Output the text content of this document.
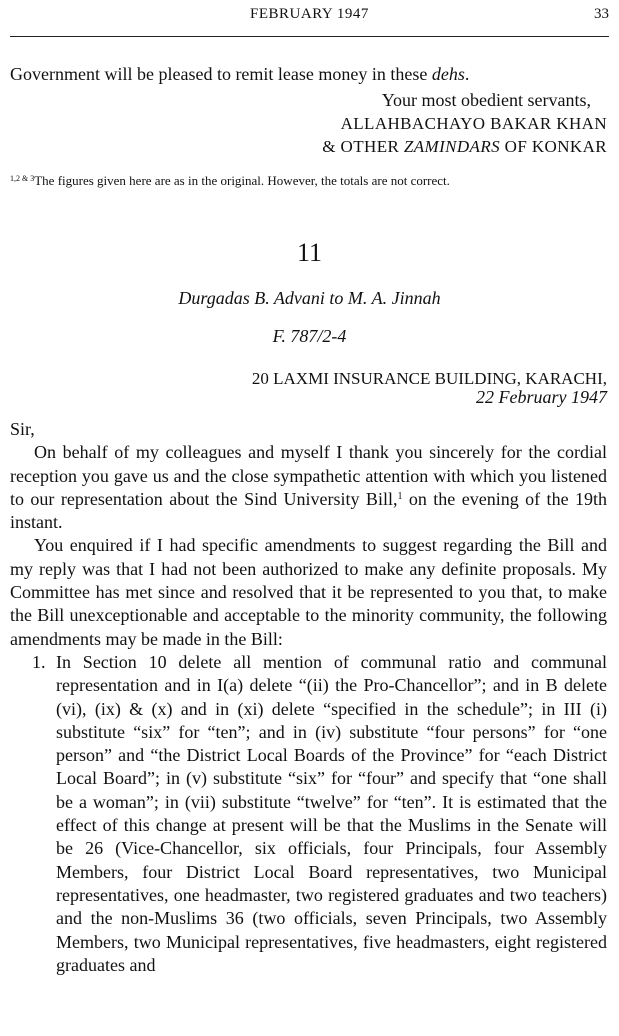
FEBRUARY 1947	33
Government will be pleased to remit lease money in these dehs.
Your most obedient servants,
ALLAHBACHAYO BAKAR KHAN
& OTHER ZAMINDARS OF KONKAR
$^{1,2 \& 3}$The figures given here are as in the original. However, the totals are not correct.
11
Durgadas B. Advani to M. A. Jinnah
F. 787/2-4
20 LAXMI INSURANCE BUILDING, KARACHI,
22 February 1947

Sir,

On behalf of my colleagues and myself I thank you sincerely for the cordial reception you gave us and the close sympathetic attention with which you listened to our representation about the Sind University Bill,$^1$ on the evening of the 19th instant.

You enquired if I had specific amendments to suggest regarding the Bill and my reply was that I had not been authorized to make any definite proposals. My Committee has met since and resolved that it be represented to you that, to make the Bill unexceptionable and acceptable to the minority community, the following amendments may be made in the Bill:

1. In Section 10 delete all mention of communal ratio and communal representation and in I(a) delete “(ii) the Pro-Chancellor”; and in B delete (vi), (ix) & (x) and in (xi) delete “specified in the schedule”; in III (i) substitute “six” for “ten”; and in (iv) substitute “four persons” for “one person” and “the District Local Boards of the Province” for “each District Local Board”; in (v) substitute “six” for “four” and specify that “one shall be a woman”; in (vii) substitute “twelve” for “ten”. It is estimated that the effect of this change at present will be that the Muslims in the Senate will be 26 (Vice-Chancellor, six officials, four Principals, four Assembly Members, four District Local Board representatives, two Municipal representatives, one headmaster, two registered graduates and two teachers) and the non-Muslims 36 (two officials, seven Principals, two Assembly Members, two Municipal representatives, five headmasters, eight registered graduates and
